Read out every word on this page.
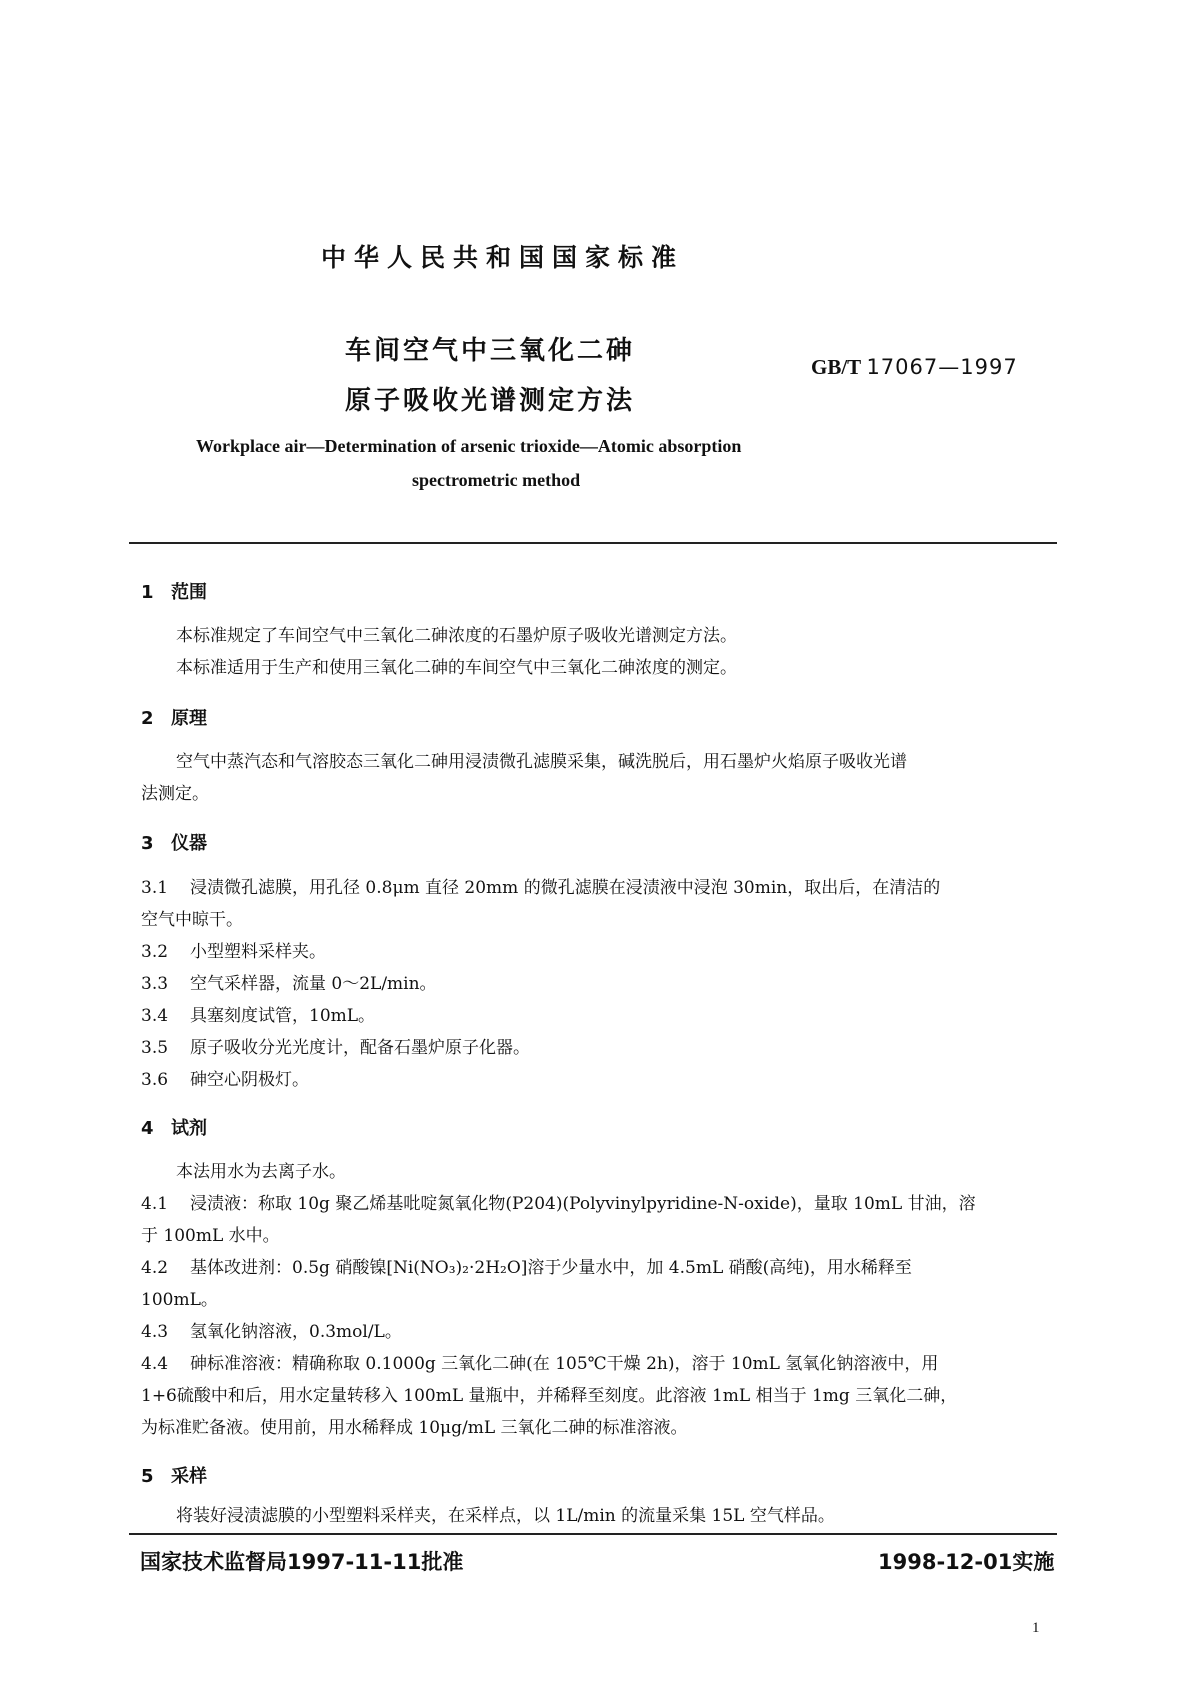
中华人民共和国国家标准
车间空气中三氧化二砷
原子吸收光谱测定方法
GB/T 17067—1997
Workplace air—Determination of arsenic trioxide—Atomic absorption
spectrometric method
1 范围
本标准规定了车间空气中三氧化二砷浓度的石墨炉原子吸收光谱测定方法。
本标准适用于生产和使用三氧化二砷的车间空气中三氧化二砷浓度的测定。
2 原理
空气中蒸汽态和气溶胶态三氧化二砷用浸渍微孔滤膜采集，碱洗脱后，用石墨炉火焰原子吸收光谱
法测定。
3 仪器
3.1 浸渍微孔滤膜，用孔径 0.8μm 直径 20mm 的微孔滤膜在浸渍液中浸泡 30min，取出后，在清洁的
空气中晾干。
3.2 小型塑料采样夹。
3.3 空气采样器，流量 0～2L/min。
3.4 具塞刻度试管，10mL。
3.5 原子吸收分光光度计，配备石墨炉原子化器。
3.6 砷空心阴极灯。
4 试剂
本法用水为去离子水。
4.1 浸渍液：称取 10g 聚乙烯基吡啶氮氧化物(P204)(Polyvinylpyridine-N-oxide)，量取 10mL 甘油，溶
于 100mL 水中。
4.2 基体改进剂：0.5g 硝酸镍[Ni(NO₃)₂·2H₂O]溶于少量水中，加 4.5mL 硝酸(高纯)，用水稀释至
100mL。
4.3 氢氧化钠溶液，0.3mol/L。
4.4 砷标准溶液：精确称取 0.1000g 三氧化二砷(在 105℃干燥 2h)，溶于 10mL 氢氧化钠溶液中，用
1+6硫酸中和后，用水定量转移入 100mL 量瓶中，并稀释至刻度。此溶液 1mL 相当于 1mg 三氧化二砷，
为标准贮备液。使用前，用水稀释成 10μg/mL 三氧化二砷的标准溶液。
5 采样
将装好浸渍滤膜的小型塑料采样夹，在采样点，以 1L/min 的流量采集 15L 空气样品。
国家技术监督局1997-11-11批准	1998-12-01实施
1
